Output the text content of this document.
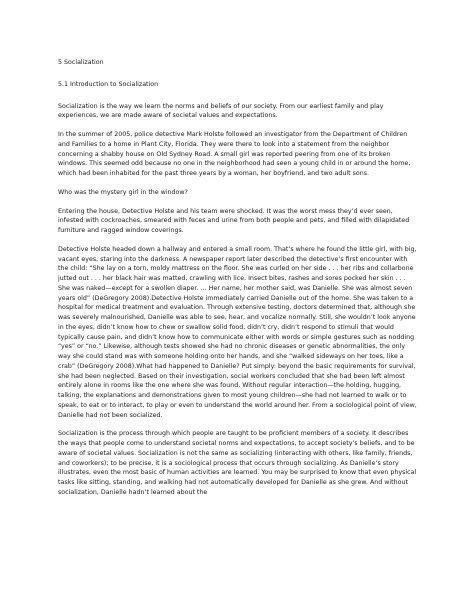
5 Socialization

5.1 Introduction to Socialization

Socialization is the way we learn the norms and beliefs of our society. From our earliest family and play experiences, we are made aware of societal values and expectations.

In the summer of 2005, police detective Mark Holste followed an investigator from the Department of Children and Families to a home in Plant City, Florida. They were there to look into a statement from the neighbor concerning a shabby house on Old Sydney Road. A small girl was reported peering from one of its broken windows. This seemed odd because no one in the neighborhood had seen a young child in or around the home, which had been inhabited for the past three years by a woman, her boyfriend, and two adult sons.

Who was the mystery girl in the window?

Entering the house, Detective Holste and his team were shocked. It was the worst mess they’d ever seen, infested with cockroaches, smeared with feces and urine from both people and pets, and filled with dilapidated furniture and ragged window coverings.

Detective Holste headed down a hallway and entered a small room. That’s where he found the little girl, with big, vacant eyes, staring into the darkness. A newspaper report later described the detective’s first encounter with the child: “She lay on a torn, moldy mattress on the floor. She was curled on her side . . . her ribs and collarbone jutted out . . . her black hair was matted, crawling with lice. Insect bites, rashes and sores pocked her skin . . . She was naked—except for a swollen diaper. … Her name, her mother said, was Danielle. She was almost seven years old” (DeGregory 2008).Detective Holste immediately carried Danielle out of the home. She was taken to a hospital for medical treatment and evaluation. Through extensive testing, doctors determined that, although she was severely malnourished, Danielle was able to see, hear, and vocalize normally. Still, she wouldn’t look anyone in the eyes, didn’t know how to chew or swallow solid food, didn’t cry, didn’t respond to stimuli that would typically cause pain, and didn’t know how to communicate either with words or simple gestures such as nodding “yes” or “no.” Likewise, although tests showed she had no chronic diseases or genetic abnormalities, the only way she could stand was with someone holding onto her hands, and she “walked sideways on her toes, like a crab” (DeGregory 2008).What had happened to Danielle? Put simply: beyond the basic requirements for survival, she had been neglected. Based on their investigation, social workers concluded that she had been left almost entirely alone in rooms like the one where she was found. Without regular interaction—the holding, hugging, talking, the explanations and demonstrations given to most young children—she had not learned to walk or to speak, to eat or to interact, to play or even to understand the world around her. From a sociological point of view, Danielle had not been socialized.

Socialization is the process through which people are taught to be proficient members of a society. It describes the ways that people come to understand societal norms and expectations, to accept society’s beliefs, and to be aware of societal values. Socialization is not the same as socializing (interacting with others, like family, friends, and coworkers); to be precise, it is a sociological process that occurs through socializing. As Danielle’s story illustrates, even the most basic of human activities are learned. You may be surprised to know that even physical tasks like sitting, standing, and walking had not automatically developed for Danielle as she grew. And without socialization, Danielle hadn’t learned about the
